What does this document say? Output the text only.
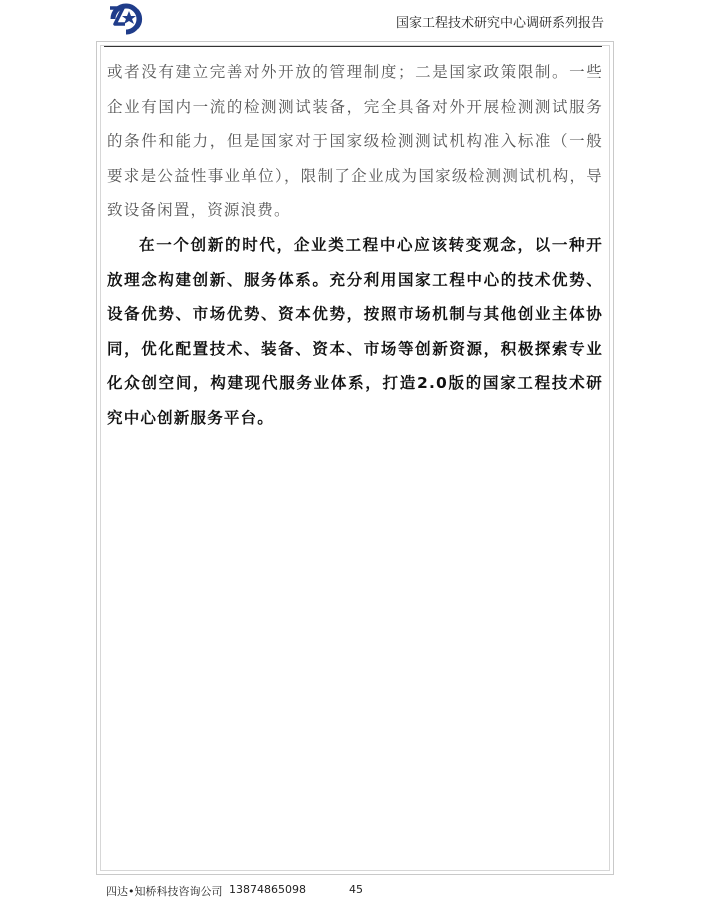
国家工程技术研究中心调研系列报告

或者没有建立完善对外开放的管理制度；二是国家政策限制。一些企业有国内一流的检测测试装备，完全具备对外开展检测测试服务的条件和能力，但是国家对于国家级检测测试机构准入标准（一般要求是公益性事业单位），限制了企业成为国家级检测测试机构，导致设备闲置，资源浪费。

在一个创新的时代，企业类工程中心应该转变观念，以一种开放理念构建创新、服务体系。充分利用国家工程中心的技术优势、设备优势、市场优势、资本优势，按照市场机制与其他创业主体协同，优化配置技术、装备、资本、市场等创新资源，积极探索专业化众创空间，构建现代服务业体系，打造2.0版的国家工程技术研究中心创新服务平台。

四达•知桥科技咨询公司 13874865098	45
